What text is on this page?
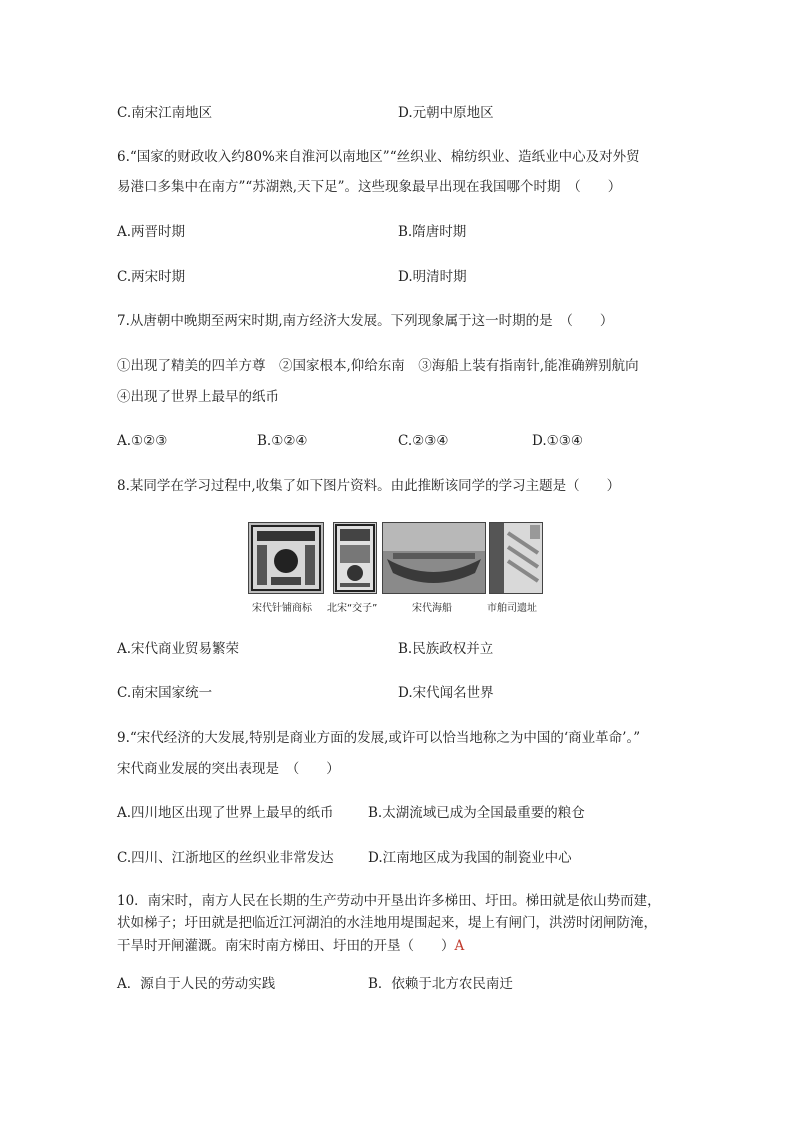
C.南宋江南地区	D.元朝中原地区
6.“国家的财政收入约80%来自淮河以南地区”“丝织业、棉纺织业、造纸业中心及对外贸
易港口多集中在南方”“苏湖熟,天下足”。这些现象最早出现在我国哪个时期　（　　）
A.两晋时期	B.隋唐时期
C.两宋时期	D.明清时期
7.从唐朝中晚期至两宋时期,南方经济大发展。下列现象属于这一时期的是　（　　）
①出现了精美的四羊方尊　②国家根本,仰给东南　③海船上装有指南针,能准确辨别航向
④出现了世界上最早的纸币
A.①②③	B.①②④	C.②③④	D.①③④
8.某同学在学习过程中,收集了如下图片资料。由此推断该同学的学习主题是（　　）
宋代针铺商标 北宋“交子”	宋代海船	市舶司遗址
A.宋代商业贸易繁荣	B.民族政权并立
C.南宋国家统一	D.宋代闻名世界
9.“宋代经济的大发展,特别是商业方面的发展,或许可以恰当地称之为中国的‘商业革命’。”
宋代商业发展的突出表现是　（　　）
A.四川地区出现了世界上最早的纸币	B.太湖流域已成为全国最重要的粮仓
C.四川、江浙地区的丝织业非常发达	D.江南地区成为我国的制瓷业中心
10．南宋时，南方人民在长期的生产劳动中开垦出许多梯田、圩田。梯田就是依山势而建，
状如梯子；圩田就是把临近江河湖泊的水洼地用堤围起来，堤上有闸门，洪涝时闭闸防淹，
干旱时开闸灌溉。南宋时南方梯田、圩田的开垦（　　）A
A．源自于人民的劳动实践	B．依赖于北方农民南迁
